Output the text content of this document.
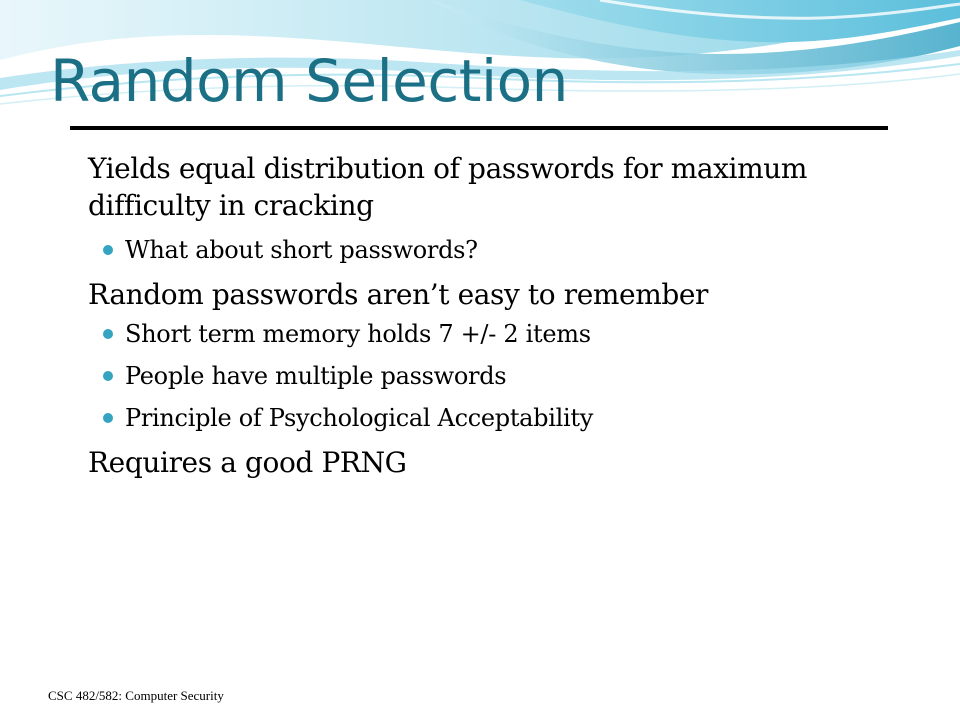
Random Selection

Yields equal distribution of passwords for maximum difficulty in cracking

What about short passwords?

Random passwords aren’t easy to remember

Short term memory holds 7 +/- 2 items
People have multiple passwords
Principle of Psychological Acceptability

Requires a good PRNG

CSC 482/582: Computer Security
